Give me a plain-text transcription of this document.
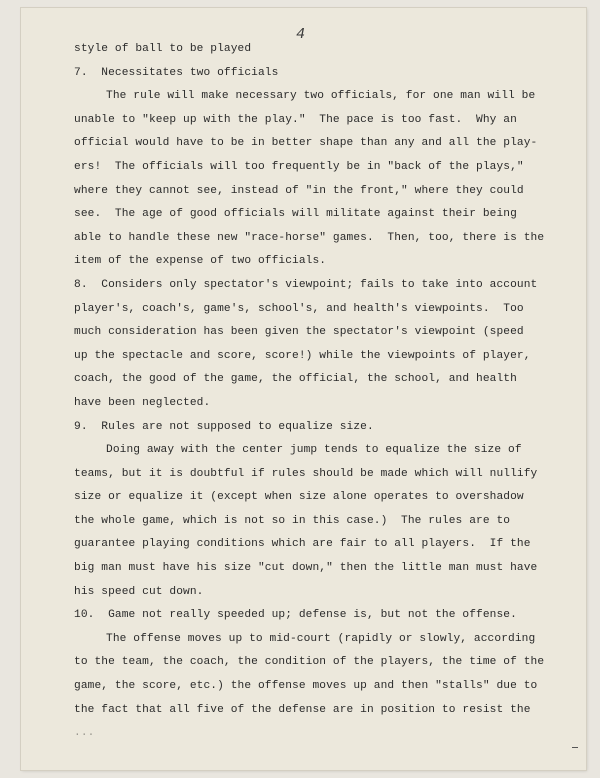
4
style of ball to be played
7.  Necessitates two officials
The rule will make necessary two officials, for one man will be
unable to "keep up with the play."  The pace is too fast.  Why an
official would have to be in better shape than any and all the play-
ers!  The officials will too frequently be in "back of the plays,"
where they cannot see, instead of "in the front," where they could
see.  The age of good officials will militate against their being
able to handle these new "race-horse" games.  Then, too, there is the
item of the expense of two officials.
8.  Considers only spectator's viewpoint; fails to take into account
player's, coach's, game's, school's, and health's viewpoints.  Too
much consideration has been given the spectator's viewpoint (speed
up the spectacle and score, score!) while the viewpoints of player,
coach, the good of the game, the official, the school, and health
have been neglected.
9.  Rules are not supposed to equalize size.
Doing away with the center jump tends to equalize the size of
teams, but it is doubtful if rules should be made which will nullify
size or equalize it (except when size alone operates to overshadow
the whole game, which is not so in this case.)  The rules are to
guarantee playing conditions which are fair to all players.  If the
big man must have his size "cut down," then the little man must have
his speed cut down.
10.  Game not really speeded up; defense is, but not the offense.
The offense moves up to mid-court (rapidly or slowly, according
to the team, the coach, the condition of the players, the time of the
game, the score, etc.) the offense moves up and then "stalls" due to
the fact that all five of the defense are in position to resist the
...
